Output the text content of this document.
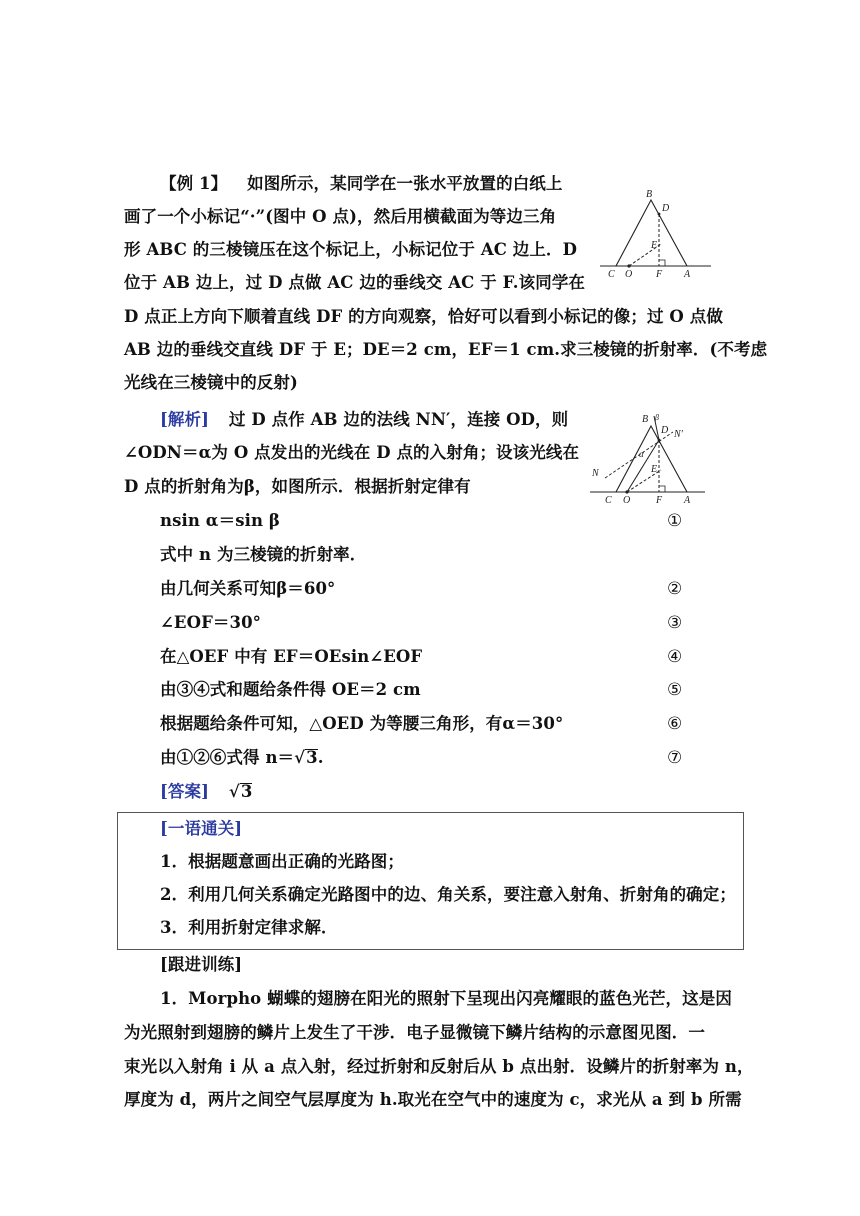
【例 1】 如图所示，某同学在一张水平放置的白纸上
画了一个小标记“·”(图中 O 点)，然后用横截面为等边三角
形 ABC 的三棱镜压在这个标记上，小标记位于 AC 边上．D
位于 AB 边上，过 D 点做 AC 边的垂线交 AC 于 F.该同学在
D 点正上方向下顺着直线 DF 的方向观察，恰好可以看到小标记的像；过 O 点做
AB 边的垂线交直线 DF 于 E；DE＝2 cm，EF＝1 cm.求三棱镜的折射率．(不考虑
光线在三棱镜中的反射)
B
D
E
C O F A
[解析] 过 D 点作 AB 边的法线 NN′，连接 OD，则
∠ODN＝α为 O 点发出的光线在 D 点的入射角；设该光线在
D 点的折射角为β，如图所示．根据折射定律有
B β
D N′
α
E
N
C O	F A
nsin α＝sin β	①
式中 n 为三棱镜的折射率．
由几何关系可知β＝60°	②
∠EOF＝30°	③
在△OEF 中有 EF＝OEsin∠EOF	④
由③④式和题给条件得 OE＝2 cm	⑤
根据题给条件可知，△OED 为等腰三角形，有α＝30°	⑥
由①②⑥式得 n＝√3.	⑦
[答案] √3
[一语通关]
1．根据题意画出正确的光路图；
2．利用几何关系确定光路图中的边、角关系，要注意入射角、折射角的确定；
3．利用折射定律求解．
[跟进训练]
1．Morpho 蝴蝶的翅膀在阳光的照射下呈现出闪亮耀眼的蓝色光芒，这是因
为光照射到翅膀的鳞片上发生了干涉．电子显微镜下鳞片结构的示意图见图．一
束光以入射角 i 从 a 点入射，经过折射和反射后从 b 点出射．设鳞片的折射率为 n，
厚度为 d，两片之间空气层厚度为 h.取光在空气中的速度为 c，求光从 a 到 b 所需
